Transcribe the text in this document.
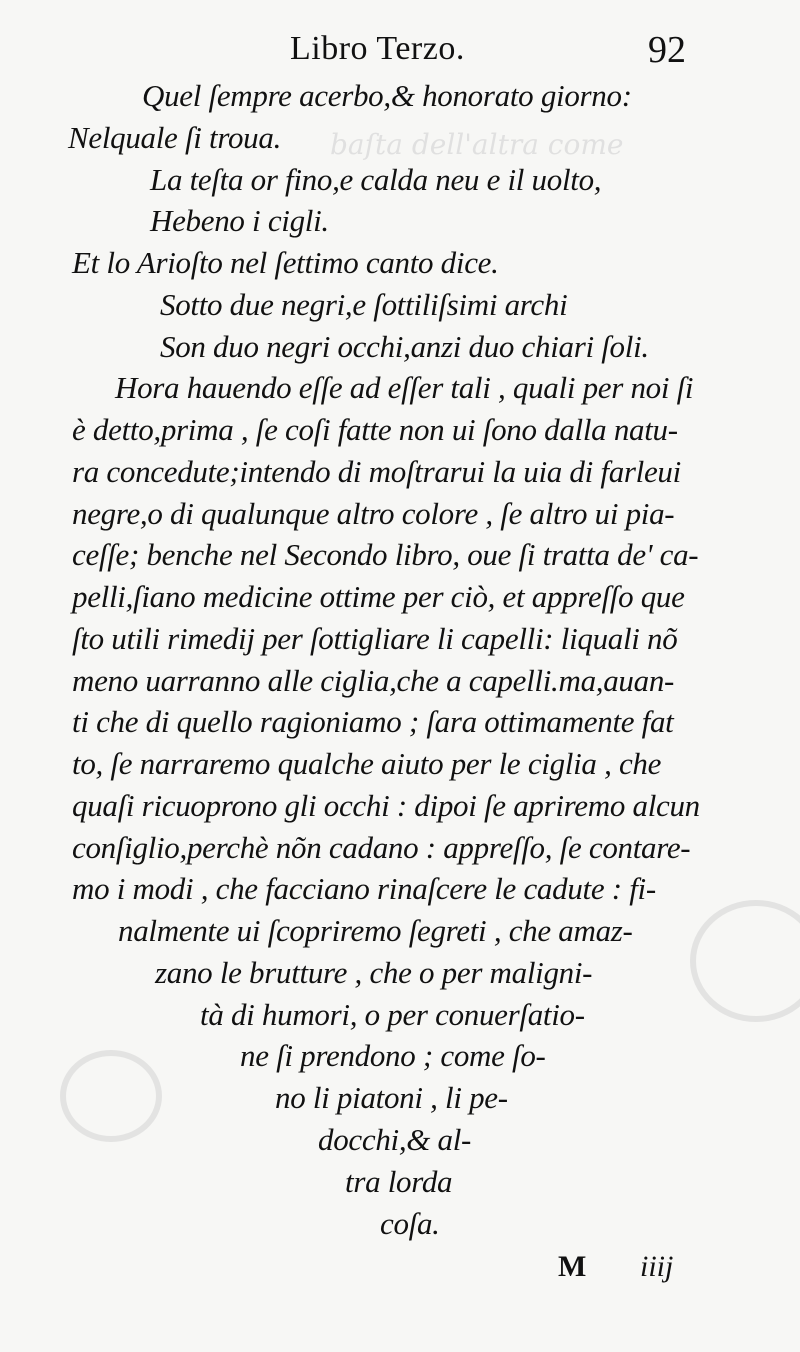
baſta dell'altra come
Libro Terzo.	92
Quel ſempre acerbo,& honorato giorno:
Nelquale ſi troua.
La teſta or fino,e calda neu e il uolto,
Hebeno i cigli.
Et lo Arioſto nel ſettimo canto dice.
Sotto due negri,e ſottiliſsimi archi
Son duo negri occhi,anzi duo chiari ſoli.
Hora hauendo eſſe ad eſſer tali , quali per noi ſi
è detto,prima , ſe coſi fatte non ui ſono dalla natu-
ra concedute;intendo di moſtrarui la uia di farleui
negre,o di qualunque altro colore , ſe altro ui pia-
ceſſe; benche nel Secondo libro, oue ſi tratta de' ca-
pelli,ſiano medicine ottime per ciò, et appreſſo que
ſto utili rimedij per ſottigliare li capelli: liquali nõ
meno uarranno alle ciglia,che a capelli.ma,auan-
ti che di quello ragioniamo ; ſara ottimamente fat
to, ſe narraremo qualche aiuto per le ciglia , che
quaſi ricuoprono gli occhi : dipoi ſe apriremo alcun
conſiglio,perchè nõn cadano : appreſſo, ſe contare-
mo i modi , che facciano rinaſcere le cadute : fi-
nalmente ui ſcopriremo ſegreti , che amaz-
zano le brutture , che o per maligni-
tà di humori, o per conuerſatio-
ne ſi prendono ; come ſo-
no li piatoni , li pe-
docchi,& al-
tra lorda
coſa.
M iiij
